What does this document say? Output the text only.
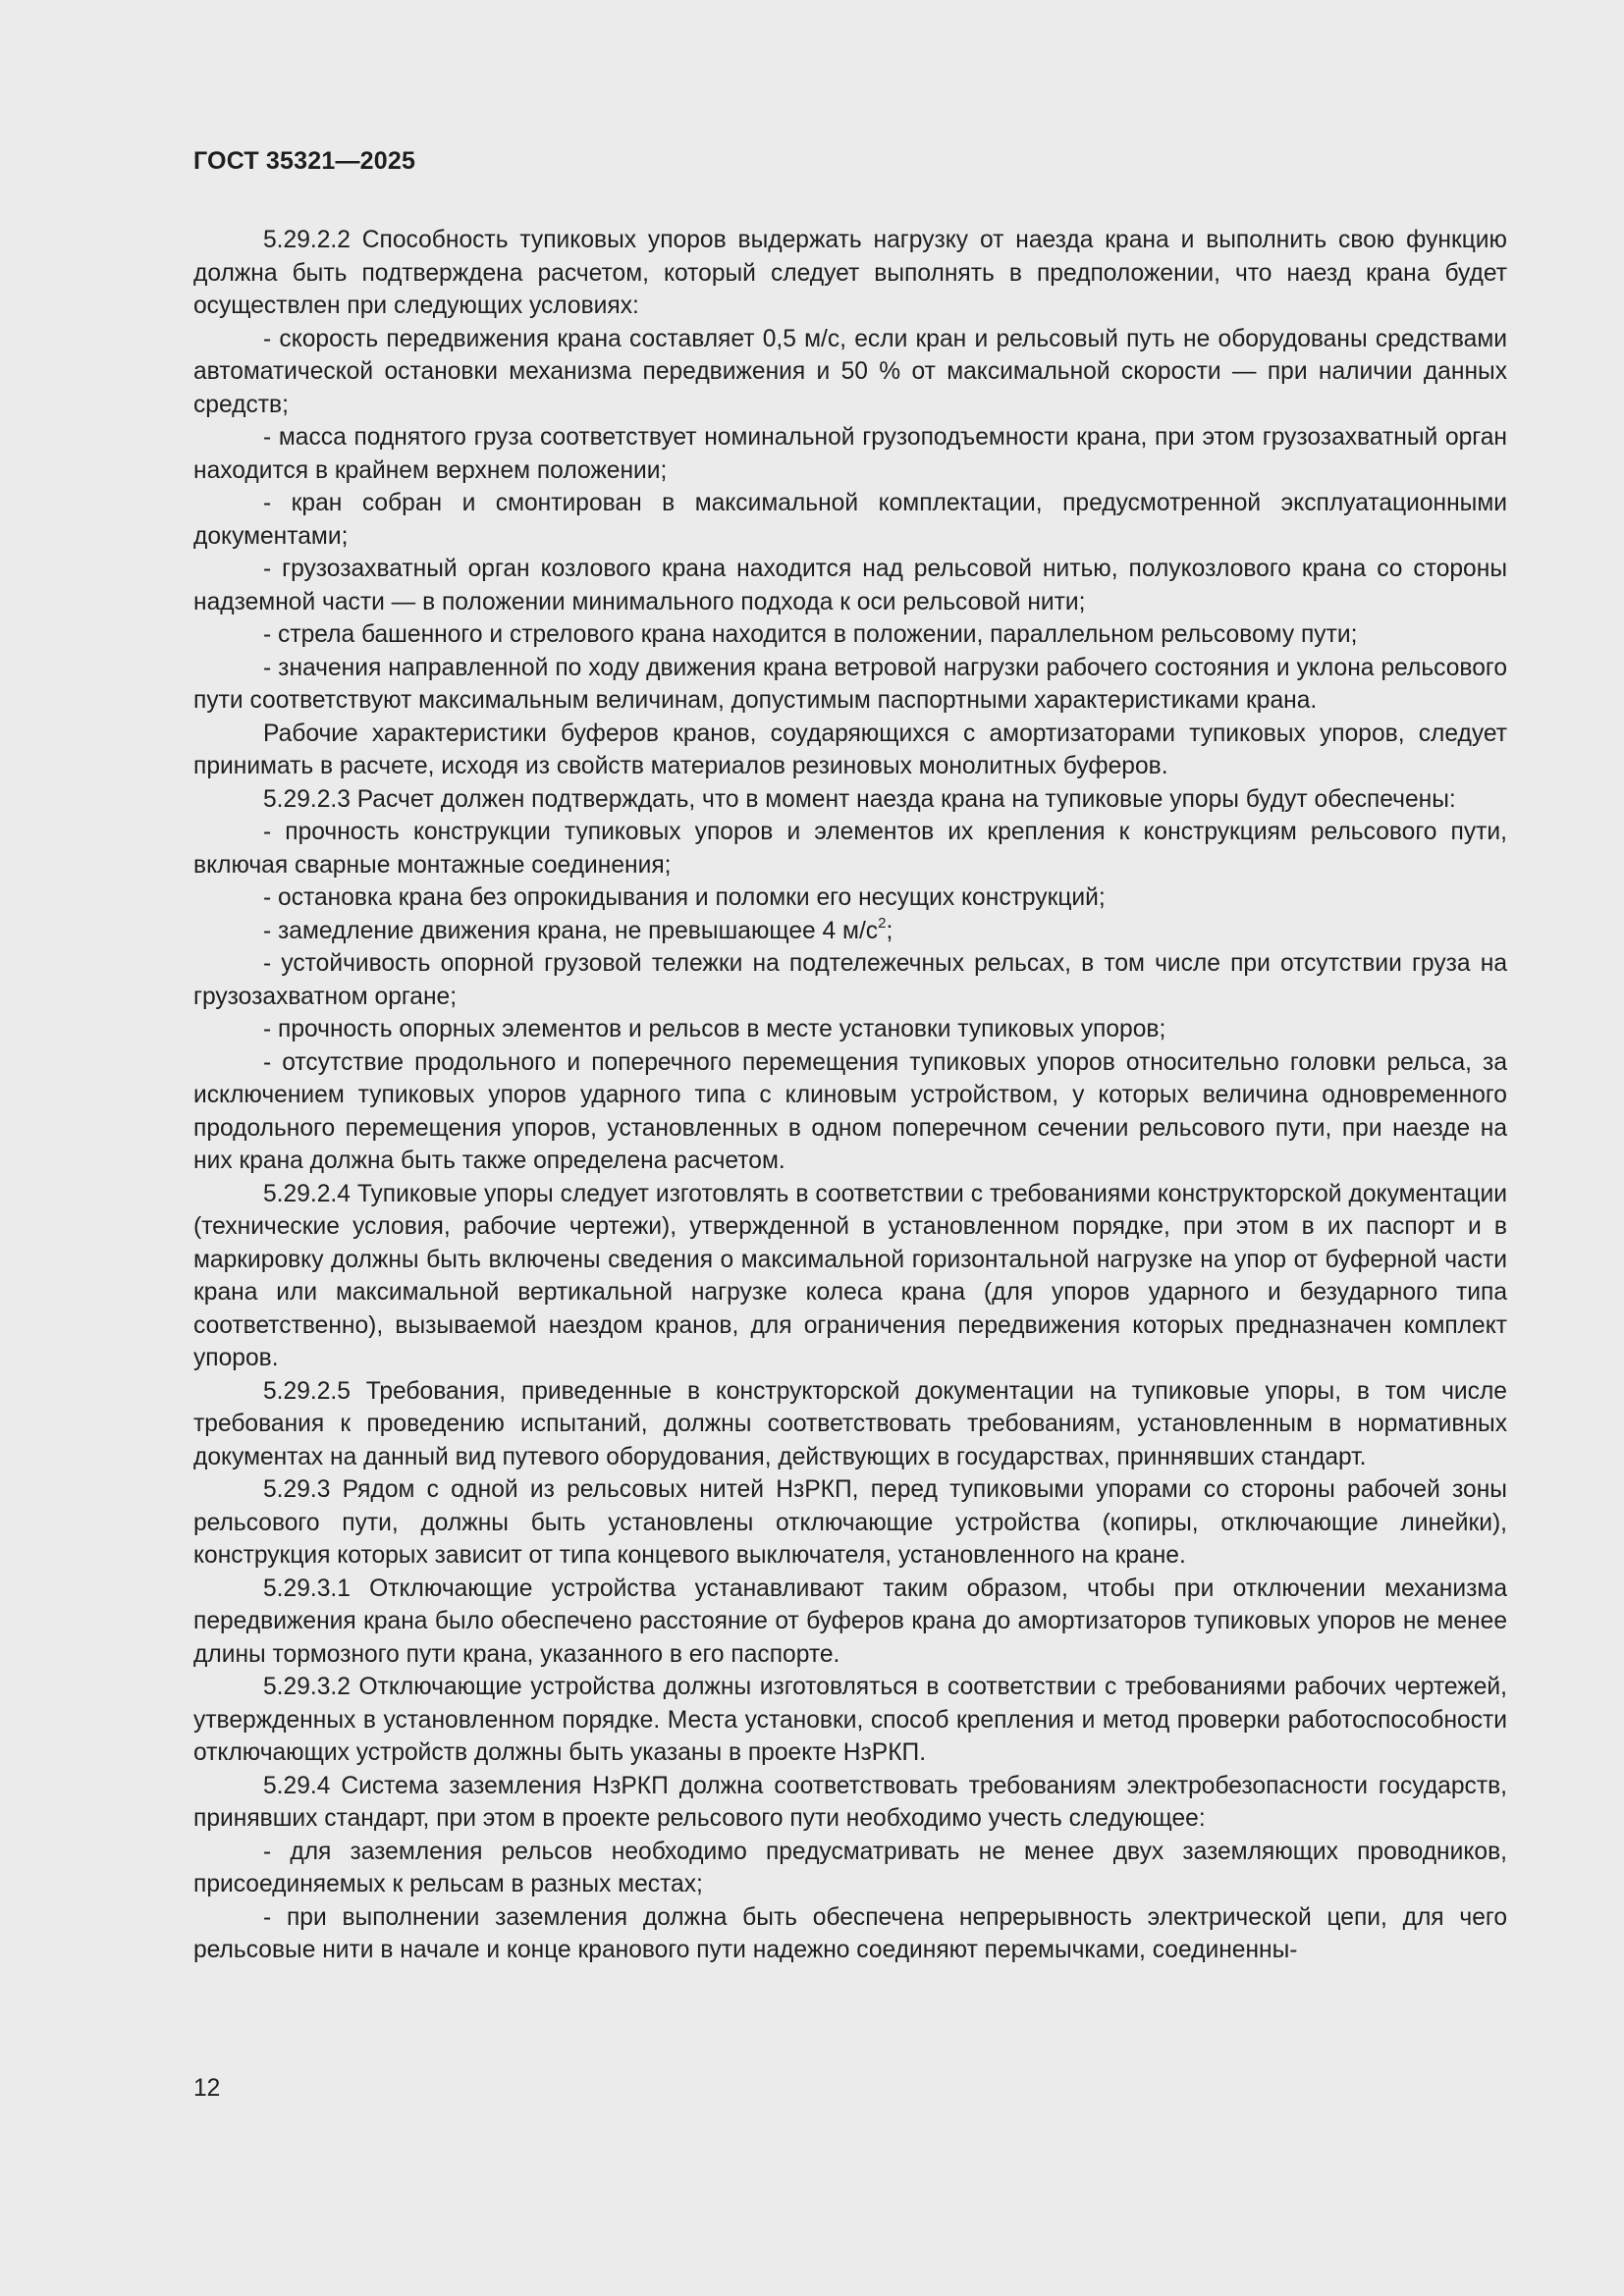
ГОСТ 35321—2025

5.29.2.2 Способность тупиковых упоров выдержать нагрузку от наезда крана и выполнить свою функцию должна быть подтверждена расчетом, который следует выполнять в предположении, что наезд крана будет осуществлен при следующих условиях:

- скорость передвижения крана составляет 0,5 м/с, если кран и рельсовый путь не оборудованы средствами автоматической остановки механизма передвижения и 50 % от максимальной скорости — при наличии данных средств;

- масса поднятого груза соответствует номинальной грузоподъемности крана, при этом грузозахватный орган находится в крайнем верхнем положении;

- кран собран и смонтирован в максимальной комплектации, предусмотренной эксплуатационными документами;

- грузозахватный орган козлового крана находится над рельсовой нитью, полукозлового крана со стороны надземной части — в положении минимального подхода к оси рельсовой нити;

- стрела башенного и стрелового крана находится в положении, параллельном рельсовому пути;

- значения направленной по ходу движения крана ветровой нагрузки рабочего состояния и уклона рельсового пути соответствуют максимальным величинам, допустимым паспортными характеристиками крана.

Рабочие характеристики буферов кранов, соударяющихся с амортизаторами тупиковых упоров, следует принимать в расчете, исходя из свойств материалов резиновых монолитных буферов.

5.29.2.3 Расчет должен подтверждать, что в момент наезда крана на тупиковые упоры будут обеспечены:

- прочность конструкции тупиковых упоров и элементов их крепления к конструкциям рельсового пути, включая сварные монтажные соединения;

- остановка крана без опрокидывания и поломки его несущих конструкций;

- замедление движения крана, не превышающее 4 $м/с^2$;

- устойчивость опорной грузовой тележки на подтележечных рельсах, в том числе при отсутствии груза на грузозахватном органе;

- прочность опорных элементов и рельсов в месте установки тупиковых упоров;

- отсутствие продольного и поперечного перемещения тупиковых упоров относительно головки рельса, за исключением тупиковых упоров ударного типа с клиновым устройством, у которых величина одновременного продольного перемещения упоров, установленных в одном поперечном сечении рельсового пути, при наезде на них крана должна быть также определена расчетом.

5.29.2.4 Тупиковые упоры следует изготовлять в соответствии с требованиями конструкторской документации (технические условия, рабочие чертежи), утвержденной в установленном порядке, при этом в их паспорт и в маркировку должны быть включены сведения о максимальной горизонтальной нагрузке на упор от буферной части крана или максимальной вертикальной нагрузке колеса крана (для упоров ударного и безударного типа соответственно), вызываемой наездом кранов, для ограничения передвижения которых предназначен комплект упоров.

5.29.2.5 Требования, приведенные в конструкторской документации на тупиковые упоры, в том числе требования к проведению испытаний, должны соответствовать требованиям, установленным в нормативных документах на данный вид путевого оборудования, действующих в государствах, приннявших стандарт.

5.29.3 Рядом с одной из рельсовых нитей НзРКП, перед тупиковыми упорами со стороны рабочей зоны рельсового пути, должны быть установлены отключающие устройства (копиры, отключающие линейки), конструкция которых зависит от типа концевого выключателя, установленного на кране.

5.29.3.1 Отключающие устройства устанавливают таким образом, чтобы при отключении механизма передвижения крана было обеспечено расстояние от буферов крана до амортизаторов тупиковых упоров не менее длины тормозного пути крана, указанного в его паспорте.

5.29.3.2 Отключающие устройства должны изготовляться в соответствии с требованиями рабочих чертежей, утвержденных в установленном порядке. Места установки, способ крепления и метод проверки работоспособности отключающих устройств должны быть указаны в проекте НзРКП.

5.29.4 Система заземления НзРКП должна соответствовать требованиям электробезопасности государств, принявших стандарт, при этом в проекте рельсового пути необходимо учесть следующее:

- для заземления рельсов необходимо предусматривать не менее двух заземляющих проводников, присоединяемых к рельсам в разных местах;

- при выполнении заземления должна быть обеспечена непрерывность электрической цепи, для чего рельсовые нити в начале и конце кранового пути надежно соединяют перемычками, соединенны-

12
